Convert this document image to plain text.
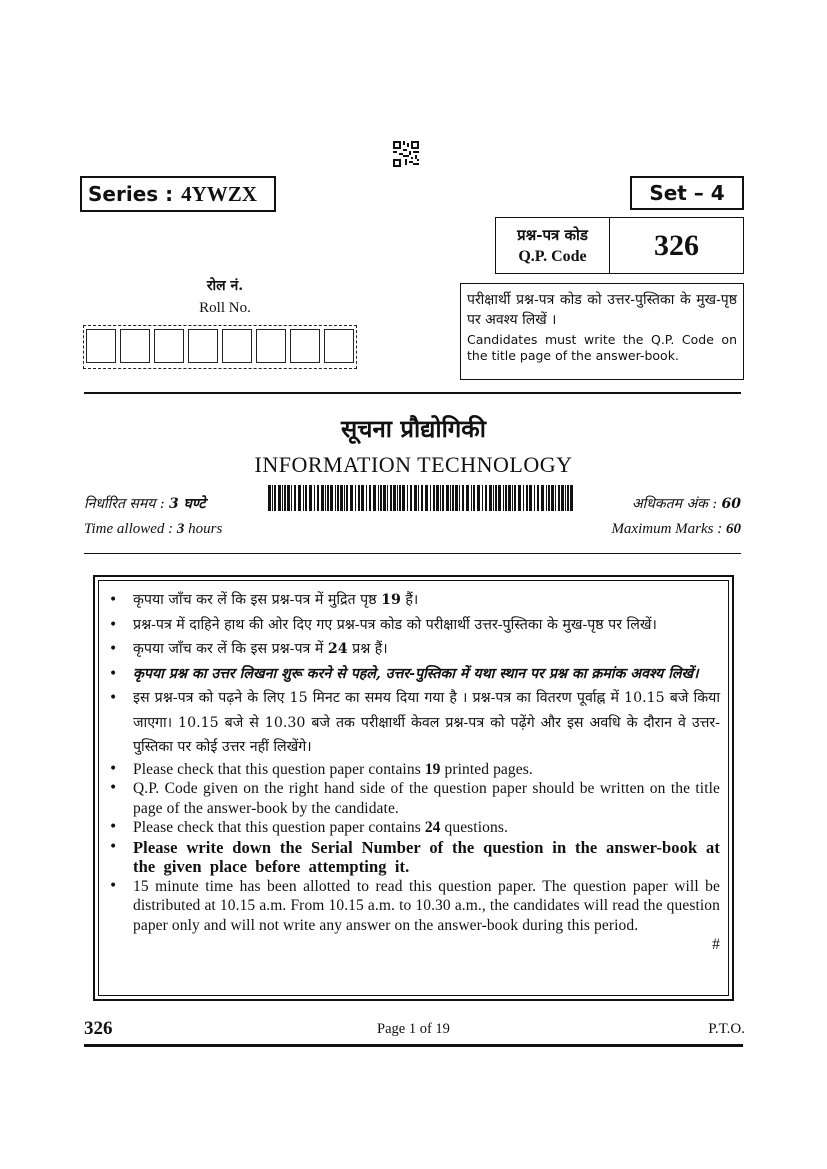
Series : 4YWZX	Set – 4
प्रश्न-पत्र कोड
Q.P. Code	326
रोल नं.
Roll No.	परीक्षार्थी प्रश्न-पत्र कोड को उत्तर-पुस्तिका के मुख-पृष्ठ पर अवश्य लिखें ।
Candidates must write the Q.P. Code on the title page of the answer-book.
सूचना प्रौद्योगिकी
INFORMATION TECHNOLOGY
निर्धारित समय : 3 घण्टे
Time allowed : 3 hours
अधिकतम अंक : 60
Maximum Marks : 60
•	कृपया जाँच कर लें कि इस प्रश्न-पत्र में मुद्रित पृष्ठ 19 हैं।
•	प्रश्न-पत्र में दाहिने हाथ की ओर दिए गए प्रश्न-पत्र कोड को परीक्षार्थी उत्तर-पुस्तिका के मुख-पृष्ठ पर लिखें।
•	कृपया जाँच कर लें कि इस प्रश्न-पत्र में 24 प्रश्न हैं।
•	कृपया प्रश्न का उत्तर लिखना शुरू करने से पहले, उत्तर-पुस्तिका में यथा स्थान पर प्रश्न का क्रमांक अवश्य लिखें।
•	इस प्रश्न-पत्र को पढ़ने के लिए 15 मिनट का समय दिया गया है । प्रश्न-पत्र का वितरण पूर्वाह्न में 10.15 बजे किया जाएगा। 10.15 बजे से 10.30 बजे तक परीक्षार्थी केवल प्रश्न-पत्र को पढ़ेंगे और इस अवधि के दौरान वे उत्तर-पुस्तिका पर कोई उत्तर नहीं लिखेंगे।
•	Please check that this question paper contains 19 printed pages.
•	Q.P. Code given on the right hand side of the question paper should be written on the title page of the answer-book by the candidate.
•	Please check that this question paper contains 24 questions.
• Please write down the Serial Number of the question in the answer-book at the given place before attempting it.
•	15 minute time has been allotted to read this question paper. The question paper will be distributed at 10.15 a.m. From 10.15 a.m. to 10.30 a.m., the candidates will read the question paper only and will not write any answer on the answer-book during this period.
#
326	Page 1 of 19	P.T.O.
